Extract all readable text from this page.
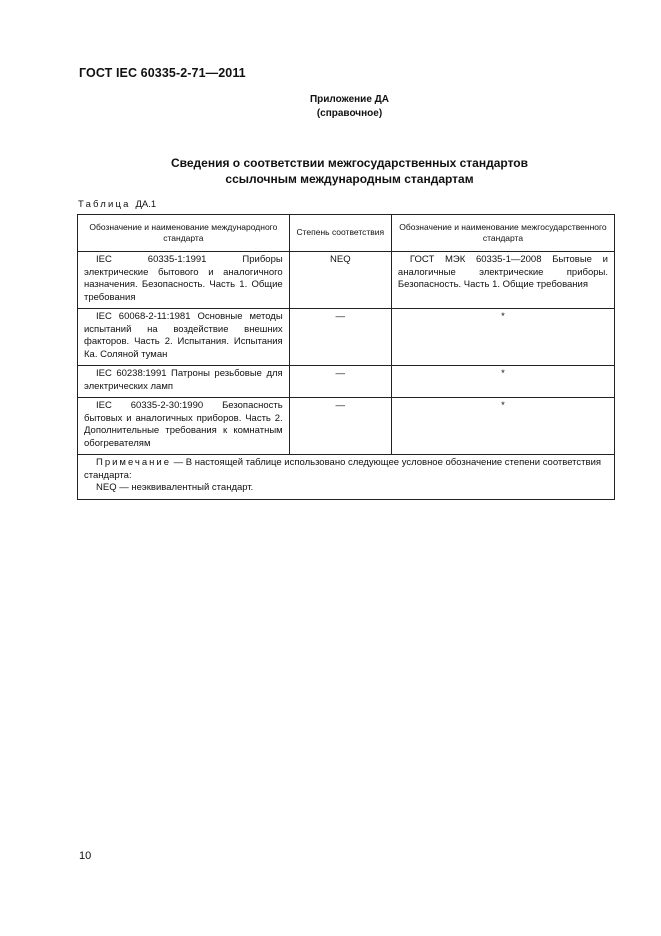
ГОСТ IEC 60335-2-71—2011
Приложение ДА
(справочное)
Сведения о соответствии межгосударственных стандартов
ссылочным международным стандартам
Таблица ДА.1
Обозначение и наименование международного стандарта	Степень соответствия	Обозначение и наименование межгосударственного стандарта
IEC 60335-1:1991 Приборы электрические бытового и аналогичного назначения. Безопасность. Часть 1. Общие требования	NEQ	ГОСТ МЭК 60335-1—2008 Бытовые и аналогичные электрические приборы. Безопасность. Часть 1. Общие требования
IEC 60068-2-11:1981 Основные методы испытаний на воздействие внешних факторов. Часть 2. Испытания. Испытания Ка. Соляной туман	—	*
IEC 60238:1991 Патроны резьбовые для электрических ламп	—	*
IEC 60335-2-30:1990 Безопасность бытовых и аналогичных приборов. Часть 2. Дополнительные требования к комнатным обогревателям	—	*
Примечание — В настоящей таблице использовано следующее условное обозначение степени соответствия стандарта:
NEQ — неэквивалентный стандарт.		
10
